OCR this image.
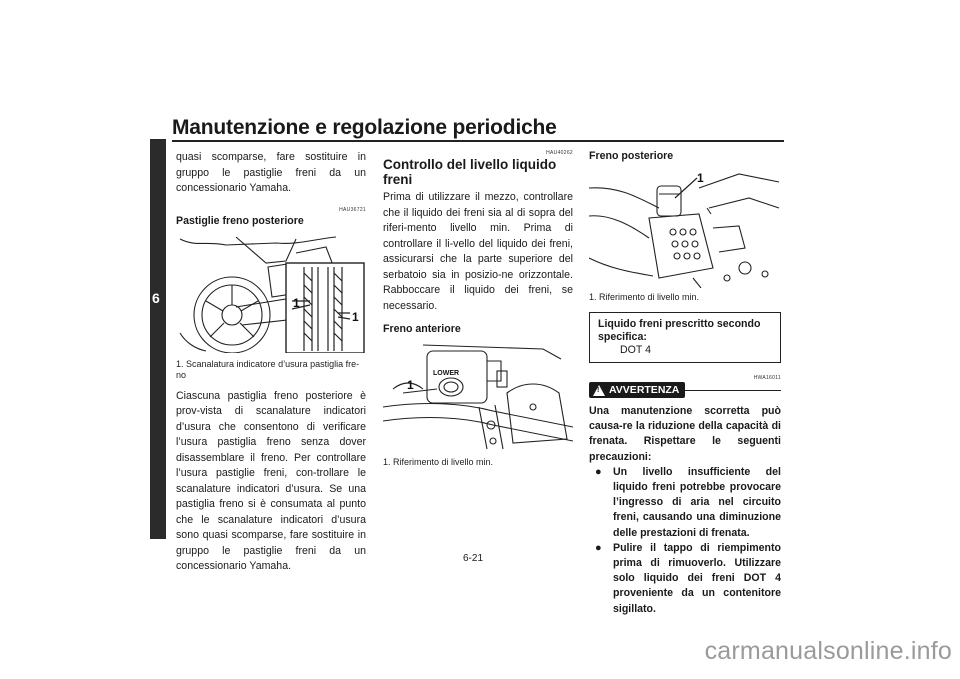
Manutenzione e regolazione periodiche
6

quasi scomparse, fare sostituire in gruppo le pastiglie freni da un concessionario Yamaha.

HAU36721
Pastiglie freno posteriore
1
1
1. Scanalatura indicatore d’usura pastiglia fre-
no

Ciascuna pastiglia freno posteriore è prov-vista di scanalature indicatori d’usura che consentono di verificare l’usura pastiglia freno senza dover disassemblare il freno. Per controllare l’usura pastiglie freni, con-trollare le scanalature indicatori d’usura. Se una pastiglia freno si è consumata al punto che le scanalature indicatori d’usura sono quasi scomparse, fare sostituire in gruppo le pastiglie freni da un concessionario Yamaha.

HAU40262
Controllo del livello liquido freni

Prima di utilizzare il mezzo, controllare che il liquido dei freni sia al di sopra del riferi-mento livello min. Prima di controllare il li-vello del liquido dei freni, assicurarsi che la parte superiore del serbatoio sia in posizio-ne orizzontale. Rabboccare il liquido dei freni, se necessario.

Freno anteriore
LOWER
1
1. Riferimento di livello min.
Freno posteriore
1
1. Riferimento di livello min.
Liquido freni prescritto secondo specifica:
DOT 4
HWA16011
! AVVERTENZA

Una manutenzione scorretta può causa-re la riduzione della capacità di frenata. Rispettare le seguenti precauzioni:

●	Un livello insufficiente del liquido freni potrebbe provocare l’ingresso di aria nel circuito freni, causando una diminuzione delle prestazioni di frenata.
●	Pulire il tappo di riempimento prima di rimuoverlo. Utilizzare solo liquido dei freni DOT 4 proveniente da un contenitore sigillato.
6-21
carmanualsonline.info
